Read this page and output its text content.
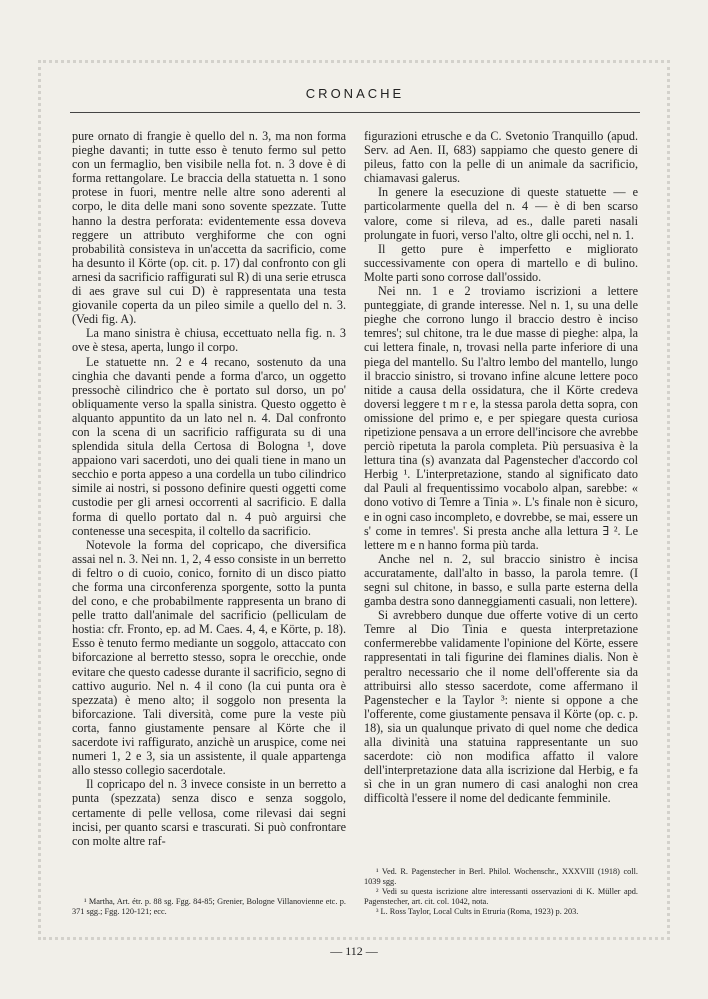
CRONACHE

pure ornato di frangie è quello del n. 3, ma non forma pieghe davanti; in tutte esso è tenuto fermo sul petto con un fermaglio, ben visibile nella fot. n. 3 dove è di forma rettangolare. Le braccia della statuetta n. 1 sono protese in fuori, mentre nelle altre sono aderenti al corpo, le dita delle mani sono sovente spezzate. Tutte hanno la destra perforata: evidentemente essa doveva reggere un attributo verghiforme che con ogni probabilità consisteva in un'accetta da sacrificio, come ha desunto il Körte (op. cit. p. 17) dal confronto con gli arnesi da sacrificio raffigurati sul R) di una serie etrusca di aes grave sul cui D) è rappresentata una testa giovanile coperta da un pileo simile a quello del n. 3. (Vedi fig. A).

La mano sinistra è chiusa, eccettuato nella fig. n. 3 ove è stesa, aperta, lungo il corpo.

Le statuette nn. 2 e 4 recano, sostenuto da una cinghia che davanti pende a forma d'arco, un oggetto pressochè cilindrico che è portato sul dorso, un po' obliquamente verso la spalla sinistra. Questo oggetto è alquanto appuntito da un lato nel n. 4. Dal confronto con la scena di un sacrificio raffigurata su di una splendida situla della Certosa di Bologna ¹, dove appaiono vari sacerdoti, uno dei quali tiene in mano un secchio e porta appeso a una cordella un tubo cilindrico simile ai nostri, si possono definire questi oggetti come custodie per gli arnesi occorrenti al sacrificio. E dalla forma di quello portato dal n. 4 può arguirsi che contenesse una secespita, il coltello da sacrificio.

Notevole la forma del copricapo, che diversifica assai nel n. 3. Nei nn. 1, 2, 4 esso consiste in un berretto di feltro o di cuoio, conico, fornito di un disco piatto che forma una circonferenza sporgente, sotto la punta del cono, e che probabilmente rappresenta un brano di pelle tratto dall'animale del sacrificio (pelliculam de hostia: cfr. Fronto, ep. ad M. Caes. 4, 4, e Körte, p. 18). Esso è tenuto fermo mediante un soggolo, attaccato con biforcazione al berretto stesso, sopra le orecchie, onde evitare che questo cadesse durante il sacrificio, segno di cattivo augurio. Nel n. 4 il cono (la cui punta ora è spezzata) è meno alto; il soggolo non presenta la biforcazione. Tali diversità, come pure la veste più corta, fanno giustamente pensare al Körte che il sacerdote ivi raffigurato, anzichè un aruspice, come nei numeri 1, 2 e 3, sia un assistente, il quale appartenga allo stesso collegio sacerdotale.

Il copricapo del n. 3 invece consiste in un berretto a punta (spezzata) senza disco e senza soggolo, certamente di pelle vellosa, come rilevasi dai segni incisi, per quanto scarsi e trascurati. Si può confrontare con molte altre raf-

figurazioni etrusche e da C. Svetonio Tranquillo (apud. Serv. ad Aen. II, 683) sappiamo che questo genere di pileus, fatto con la pelle di un animale da sacrificio, chiamavasi galerus.

In genere la esecuzione di queste statuette — e particolarmente quella del n. 4 — è di ben scarso valore, come si rileva, ad es., dalle pareti nasali prolungate in fuori, verso l'alto, oltre gli occhi, nel n. 1.

Il getto pure è imperfetto e migliorato successivamente con opera di martello e di bulino. Molte parti sono corrose dall'ossido.

Nei nn. 1 e 2 troviamo iscrizioni a lettere punteggiate, di grande interesse. Nel n. 1, su una delle pieghe che corrono lungo il braccio destro è inciso temres'; sul chitone, tra le due masse di pieghe: alpa, la cui lettera finale, n, trovasi nella parte inferiore di una piega del mantello. Su l'altro lembo del mantello, lungo il braccio sinistro, si trovano infine alcune lettere poco nitide a causa della ossidatura, che il Körte credeva doversi leggere t m r e, la stessa parola detta sopra, con omissione del primo e, e per spiegare questa curiosa ripetizione pensava a un errore dell'incisore che avrebbe perciò ripetuta la parola completa. Più persuasiva è la lettura tina (s) avanzata dal Pagenstecher d'accordo col Herbig ¹. L'interpretazione, stando al significato dato dal Pauli al frequentissimo vocabolo alpan, sarebbe: « dono votivo di Temre a Tinia ». L's finale non è sicuro, e in ogni caso incompleto, e dovrebbe, se mai, essere un s' come in temres'. Si presta anche alla lettura ∃ ². Le lettere m e n hanno forma più tarda.

Anche nel n. 2, sul braccio sinistro è incisa accuratamente, dall'alto in basso, la parola temre. (I segni sul chitone, in basso, e sulla parte esterna della gamba destra sono danneggiamenti casuali, non lettere).

Si avrebbero dunque due offerte votive di un certo Temre al Dio Tinia e questa interpretazione confermerebbe validamente l'opinione del Körte, essere rappresentati in tali figurine dei flamines dialis. Non è peraltro necessario che il nome dell'offerente sia da attribuirsi allo stesso sacerdote, come affermano il Pagenstecher e la Taylor ³: niente si oppone a che l'offerente, come giustamente pensava il Körte (op. c. p. 18), sia un qualunque privato di quel nome che dedica alla divinità una statuina rappresentante un suo sacerdote: ciò non modifica affatto il valore dell'interpretazione data alla iscrizione dal Herbig, e fa sì che in un gran numero di casi analoghi non crea difficoltà l'essere il nome del dedicante femminile.

¹ Martha, Art. étr. p. 88 sg. Fgg. 84-85; Grenier, Bologne Villanovienne etc. p. 371 sgg.; Fgg. 120-121; ecc.

¹ Ved. R. Pagenstecher in Berl. Philol. Wochenschr., XXXVIII (1918) coll. 1039 sgg.

² Vedi su questa iscrizione altre interessanti osservazioni di K. Müller apd. Pagenstecher, art. cit. col. 1042, nota.

³ L. Ross Taylor, Local Cults in Etruria (Roma, 1923) p. 203.

— 112 —
